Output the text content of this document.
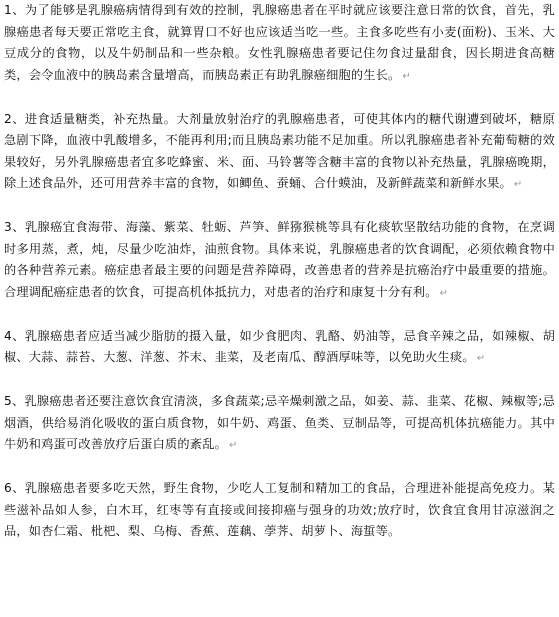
1、为了能够是乳腺癌病情得到有效的控制，乳腺癌患者在平时就应该要注意日常的饮食，首先，乳腺癌患者每天要正常吃主食，就算胃口不好也应该适当吃一些。主食多吃些有小麦(面粉)、玉米、大豆成分的食物，以及牛奶制品和一些杂粮。女性乳腺癌患者要记住勿食过量甜食，因长期进食高糖类，会令血液中的胰岛素含量增高，而胰岛素正有助乳腺癌细胞的生长。 ↵

2、进食适量糖类，补充热量。大剂量放射治疗的乳腺癌患者，可使其体内的糖代谢遭到破坏，糖原急剧下降，血液中乳酸增多，不能再利用;而且胰岛素功能不足加重。所以乳腺癌患者补充葡萄糖的效果较好，另外乳腺癌患者宜多吃蜂蜜、米、面、马铃薯等含糖丰富的食物以补充热量，乳腺癌晚期，除上述食品外，还可用营养丰富的食物，如鲫鱼、蚕蛹、合什蟆油，及新鲜蔬菜和新鲜水果。 ↵

3、乳腺癌宜食海带、海藻、紫菜、牡蛎、芦笋、鲜猕猴桃等具有化痰软坚散结功能的食物，在烹调时多用蒸，煮，炖，尽量少吃油炸，油煎食物。具体来说，乳腺癌患者的饮食调配，必须依赖食物中的各种营养元素。癌症患者最主要的问题是营养障碍，改善患者的营养是抗癌治疗中最重要的措施。合理调配癌症患者的饮食，可提高机体抵抗力，对患者的治疗和康复十分有利。 ↵

4、乳腺癌患者应适当减少脂肪的摄入量，如少食肥肉、乳酪、奶油等，忌食辛辣之品，如辣椒、胡椒、大蒜、蒜苔、大葱、洋葱、芥末、韭菜，及老南瓜、醇酒厚味等，以免助火生痰。 ↵

5、乳腺癌患者还要注意饮食宜清淡，多食蔬菜;忌辛燥刺激之品，如姜、蒜、韭菜、花椒、辣椒等;忌烟酒，供给易消化吸收的蛋白质食物，如牛奶、鸡蛋、鱼类、豆制品等，可提高机体抗癌能力。其中牛奶和鸡蛋可改善放疗后蛋白质的紊乱。 ↵

6、乳腺癌患者要多吃天然，野生食物，少吃人工复制和精加工的食品，合理进补能提高免疫力。某些滋补品如人参，白木耳，红枣等有直接或间接抑癌与强身的功效;放疗时，饮食宜食用甘凉滋润之品，如杏仁霜、枇杷、梨、乌梅、香蕉、莲藕、荸荠、胡萝卜、海蜇等。
